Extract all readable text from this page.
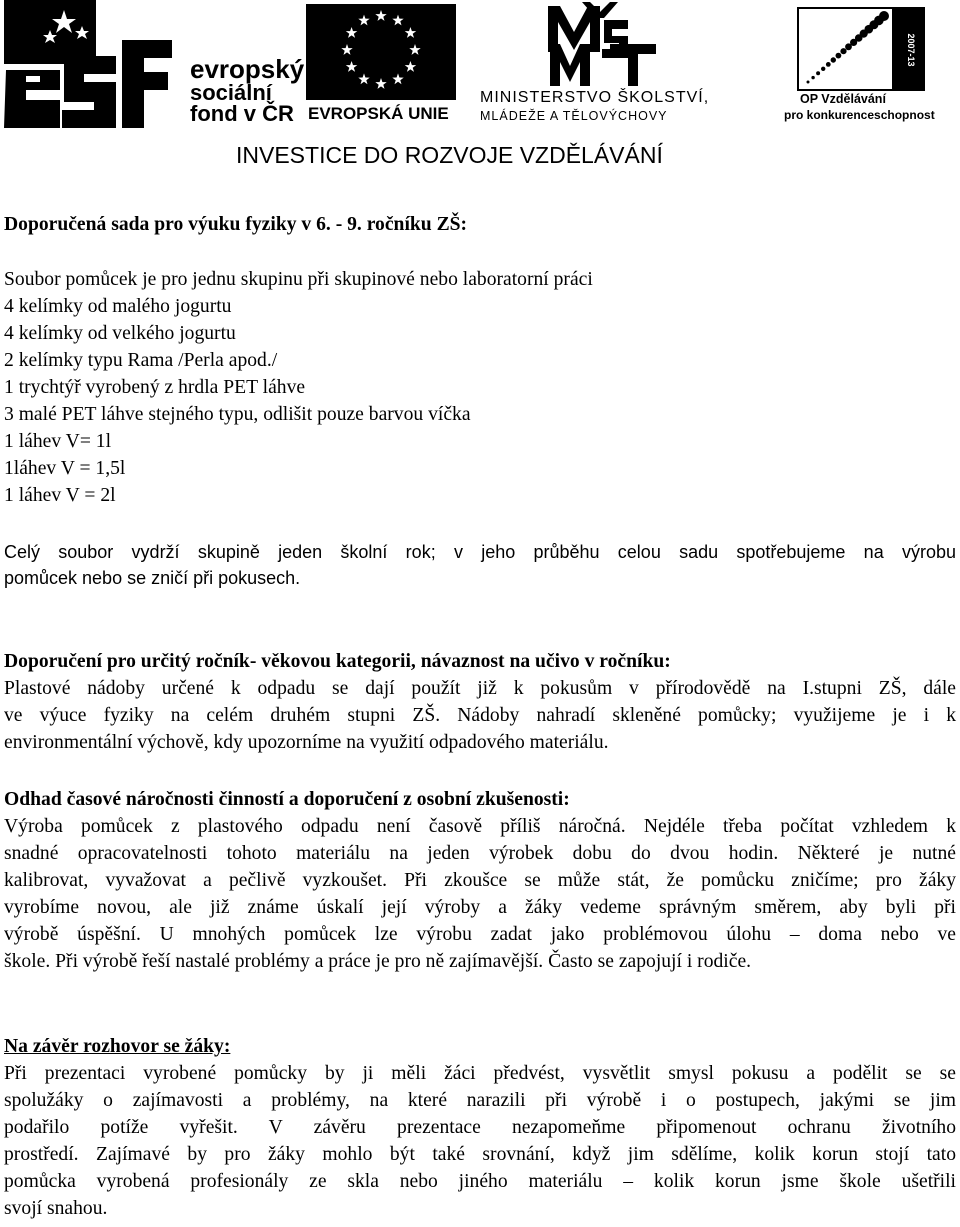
evropský
sociální
fond v ČR EVROPSKÁ UNIE
MINISTERSTVO ŠKOLSTVÍ,
MLÁDEŽE A TĚLOVÝCHOVY
2007-13
OP Vzdělávání
pro konkurenceschopnost
INVESTICE DO ROZVOJE VZDĚLÁVÁNÍ
Doporučená sada pro výuku fyziky v 6. - 9. ročníku ZŠ:
Soubor pomůcek je pro jednu skupinu při skupinové nebo laboratorní práci
4 kelímky od malého jogurtu
4 kelímky od velkého jogurtu
2 kelímky typu Rama /Perla apod./
1 trychtýř vyrobený z hrdla PET láhve
3 malé PET láhve stejného typu, odlišit pouze barvou víčka
1 láhev V= 1l
1láhev V = 1,5l
1 láhev V = 2l
Celý soubor vydrží skupině jeden školní rok; v jeho průběhu celou sadu spotřebujeme na výrobu
pomůcek nebo se zničí při pokusech.
Doporučení pro určitý ročník- věkovou kategorii, návaznost na učivo v ročníku:
Plastové nádoby určené k odpadu se dají použít již k pokusům v přírodovědě na I.stupni ZŠ, dále
ve výuce fyziky na celém druhém stupni ZŠ. Nádoby nahradí skleněné pomůcky; využijeme je i k
environmentální výchově, kdy upozorníme na využití odpadového materiálu.
Odhad časové náročnosti činností a doporučení z osobní zkušenosti:
Výroba pomůcek z plastového odpadu není časově příliš náročná. Nejdéle třeba počítat vzhledem k
snadné opracovatelnosti tohoto materiálu na jeden výrobek dobu do dvou hodin. Některé je nutné
kalibrovat, vyvažovat a pečlivě vyzkoušet. Při zkoušce se může stát, že pomůcku zničíme; pro žáky
vyrobíme novou, ale již známe úskalí její výroby a žáky vedeme správným směrem, aby byli při
výrobě úspěšní. U mnohých pomůcek lze výrobu zadat jako problémovou úlohu – doma nebo ve
škole. Při výrobě řeší nastalé problémy a práce je pro ně zajímavější. Často se zapojují i rodiče.
Na závěr rozhovor se žáky:
Při prezentaci vyrobené pomůcky by ji měli žáci předvést, vysvětlit smysl pokusu a podělit se se
spolužáky o zajímavosti a problémy, na které narazili při výrobě i o postupech, jakými se jim
podařilo potíže vyřešit. V závěru prezentace nezapomeňme připomenout ochranu životního
prostředí. Zajímavé by pro žáky mohlo být také srovnání, když jim sdělíme, kolik korun stojí tato
pomůcka vyrobená profesionály ze skla nebo jiného materiálu – kolik korun jsme škole ušetřili
svojí snahou.
